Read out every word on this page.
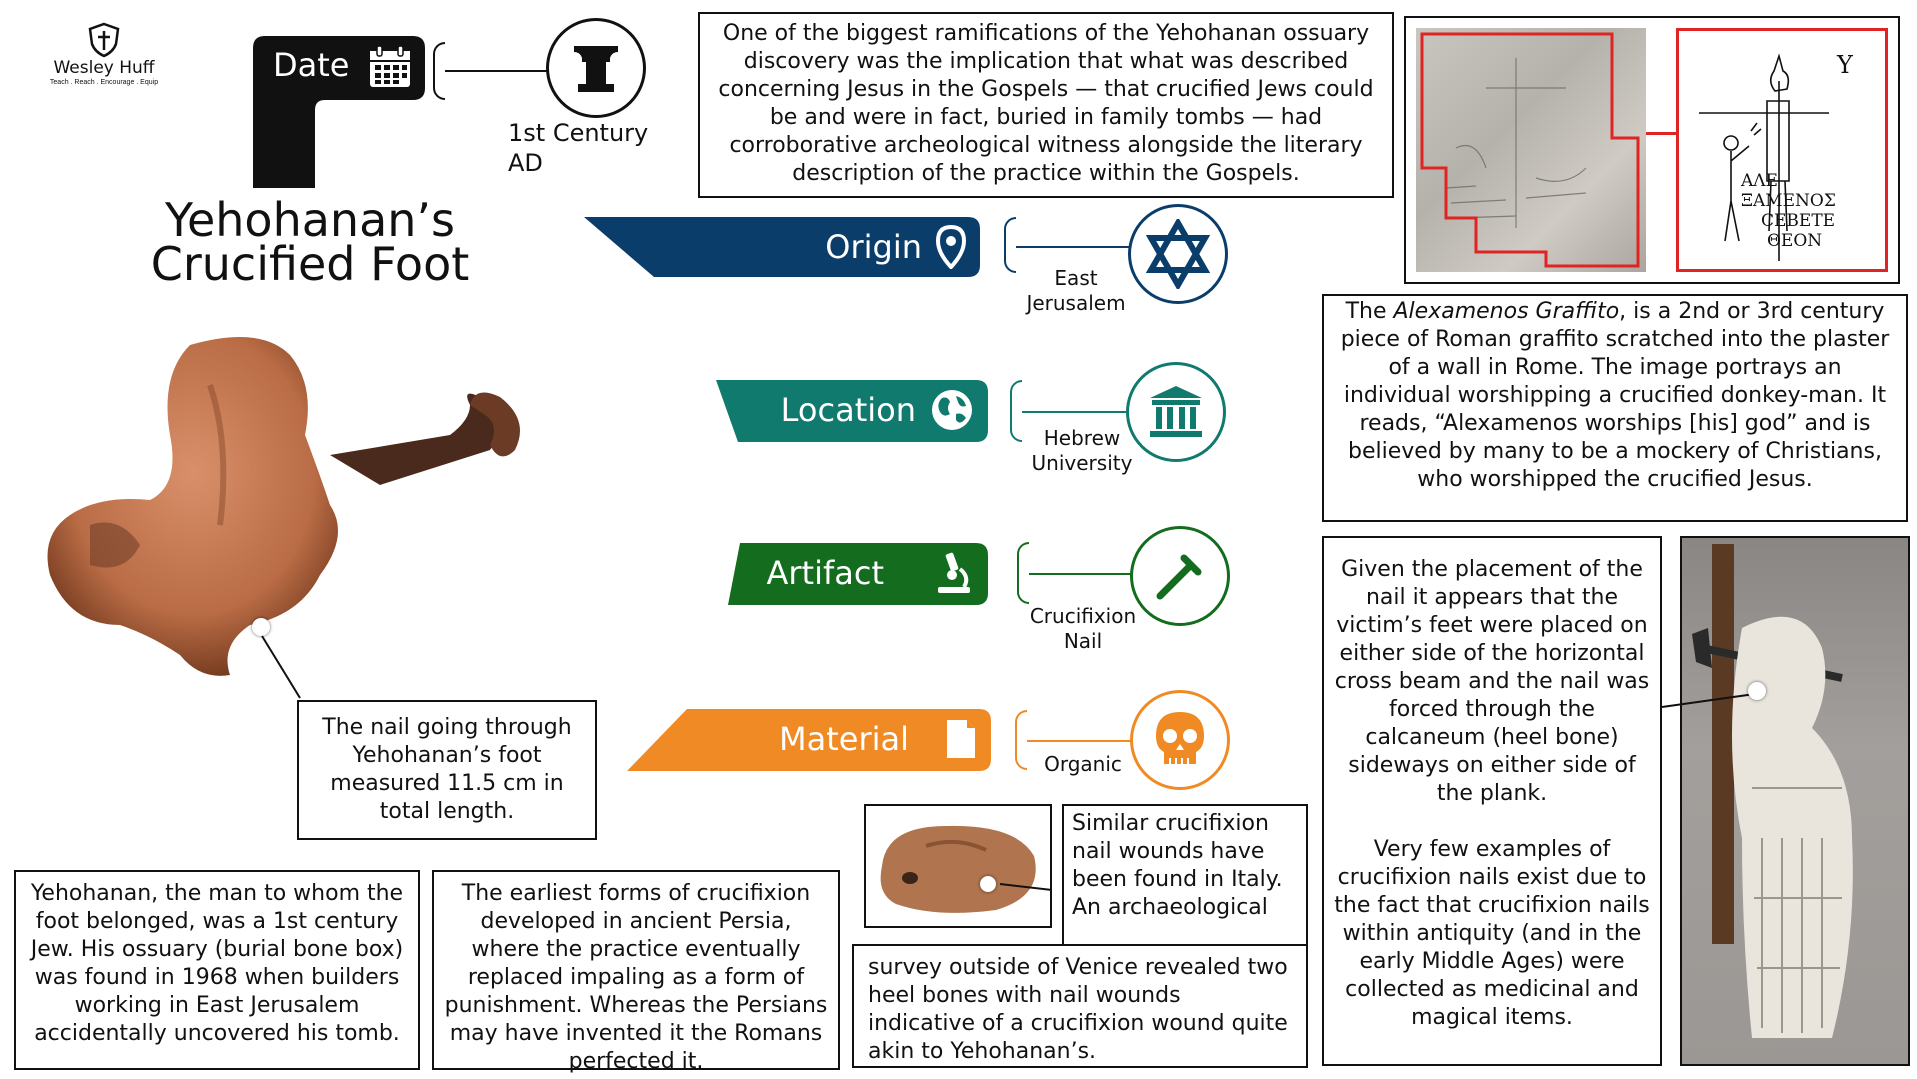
Wesley Huff
Teach . Reach . Encourage . Equip	Date
1st Century
AD
Yehohanan’s
Crucified Foot
The nail going through Yehohanan’s foot measured 11.5 cm in total length.
One of the biggest ramifications of the Yehohanan ossuary discovery was the implication that what was described concerning Jesus in the Gospels — that crucified Jews could be and were in fact, buried in family tombs — had corroborative archeological witness alongside the literary description of the practice within the Gospels.
Origin
East
Jerusalem
Location
Hebrew
University
Artifact
Crucifixion
Nail
Material
Organic
Υ
ΑΛΕ
ΞΑΜΕΝΟΣ
ϹΕΒΕΤΕ
ΘΕΟΝ
The Alexamenos Graffito, is a 2nd or 3rd century piece of Roman graffito scratched into the plaster of a wall in Rome. The image portrays an individual worshipping a crucified donkey-man. It reads, “Alexamenos worships [his] god” and is believed by many to be a mockery of Christians, who worshipped the crucified Jesus.
Given the placement of the nail it appears that the victim’s feet were placed on either side of the horizontal cross beam and the nail was forced through the calcaneum (heel bone) sideways on either side of the plank.
Very few examples of crucifixion nails exist due to the fact that crucifixion nails within antiquity (and in the early Middle Ages) were collected as medicinal and magical items.
Yehohanan, the man to whom the foot belonged, was a 1st century Jew. His ossuary (burial bone box) was found in 1968 when builders working in East Jerusalem accidentally uncovered his tomb.
The earliest forms of crucifixion developed in ancient Persia, where the practice eventually replaced impaling as a form of punishment. Whereas the Persians may have invented it the Romans perfected it.
Similar crucifixion nail wounds have been found in Italy. An archaeological
survey outside of Venice revealed two heel bones with nail wounds indicative of a crucifixion wound quite akin to Yehohanan’s.
